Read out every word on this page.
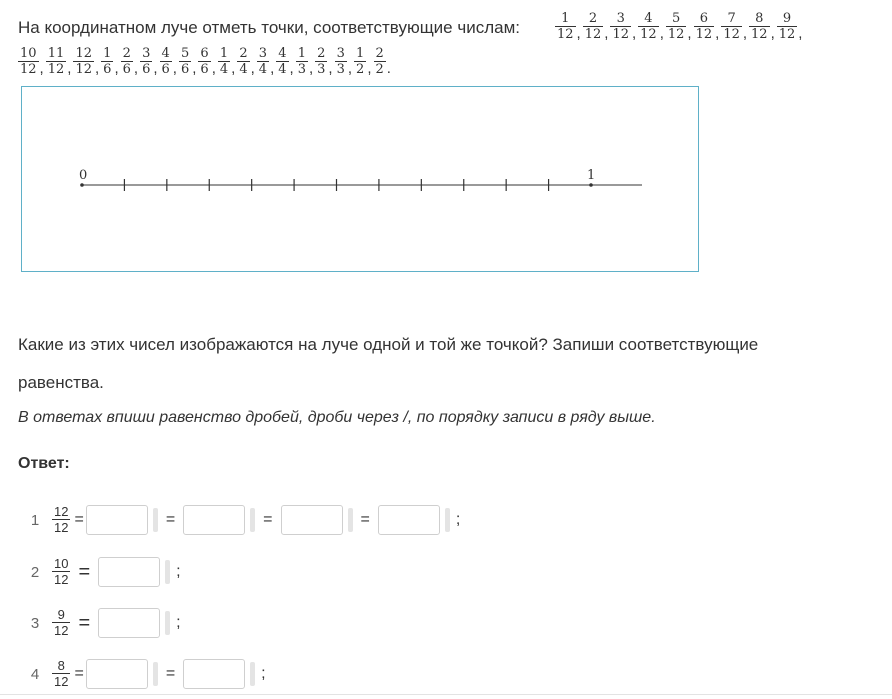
На координатном луче отметь точки, соответствующие числам:	$\frac{1}{12}$ , $\frac{2}{12}$ , $\frac{3}{12}$ , $\frac{4}{12}$ , $\frac{5}{12}$ , $\frac{6}{12}$ , $\frac{7}{12}$ , $\frac{8}{12}$ , $\frac{9}{12}$ ,
$\frac{10}{12}$ , $\frac{11}{12}$ , $\frac{12}{12}$ , $\frac{1}{6}$ , $\frac{2}{6}$ , $\frac{3}{6}$ , $\frac{4}{6}$ , $\frac{5}{6}$ , $\frac{6}{6}$ , $\frac{1}{4}$ , $\frac{2}{4}$ , $\frac{3}{4}$ , $\frac{4}{4}$ , $\frac{1}{3}$ , $\frac{2}{3}$ , $\frac{3}{3}$ , $\frac{1}{2}$ , $\frac{2}{2}$ .
0	1
Какие из этих чисел изображаются на луче одной и той же точкой? Запиши соответствующие равенства.
В ответах впиши равенство дробей, дроби через /, по порядку записи в ряду выше.
Ответ:
$1 \frac{12}{12}$ =	=	=	=	;
$2 \frac{10}{12}$ =	;
$3 \frac{9}{12}$ =	;
$4 \frac{8}{12}$ =	=	;
